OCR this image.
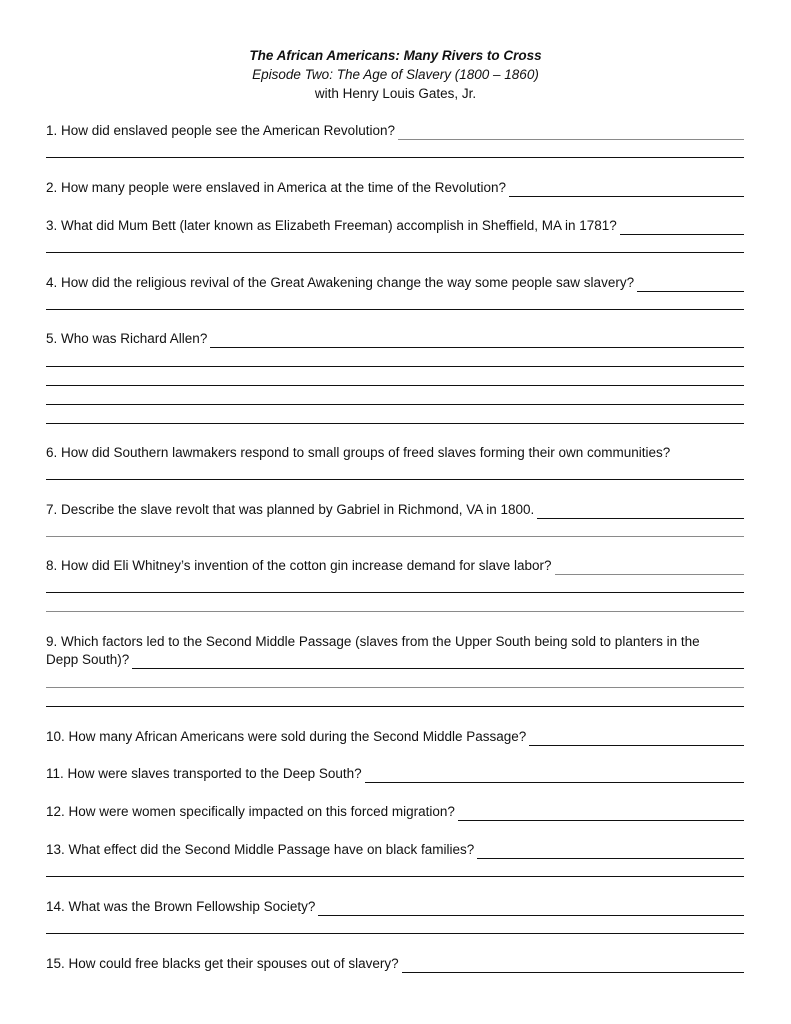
The African Americans: Many Rivers to Cross
Episode Two: The Age of Slavery (1800 – 1860)
with Henry Louis Gates, Jr.
1. How did enslaved people see the American Revolution?
2. How many people were enslaved in America at the time of the Revolution?
3. What did Mum Bett (later known as Elizabeth Freeman) accomplish in Sheffield, MA in 1781?
4. How did the religious revival of the Great Awakening change the way some people saw slavery?
5. Who was Richard Allen?
6. How did Southern lawmakers respond to small groups of freed slaves forming their own communities?
7. Describe the slave revolt that was planned by Gabriel in Richmond, VA in 1800.
8. How did Eli Whitney’s invention of the cotton gin increase demand for slave labor?
9. Which factors led to the Second Middle Passage (slaves from the Upper South being sold to planters in the
Depp South)?
10. How many African Americans were sold during the Second Middle Passage?
11. How were slaves transported to the Deep South?
12. How were women specifically impacted on this forced migration?
13. What effect did the Second Middle Passage have on black families?
14. What was the Brown Fellowship Society?
15. How could free blacks get their spouses out of slavery?
